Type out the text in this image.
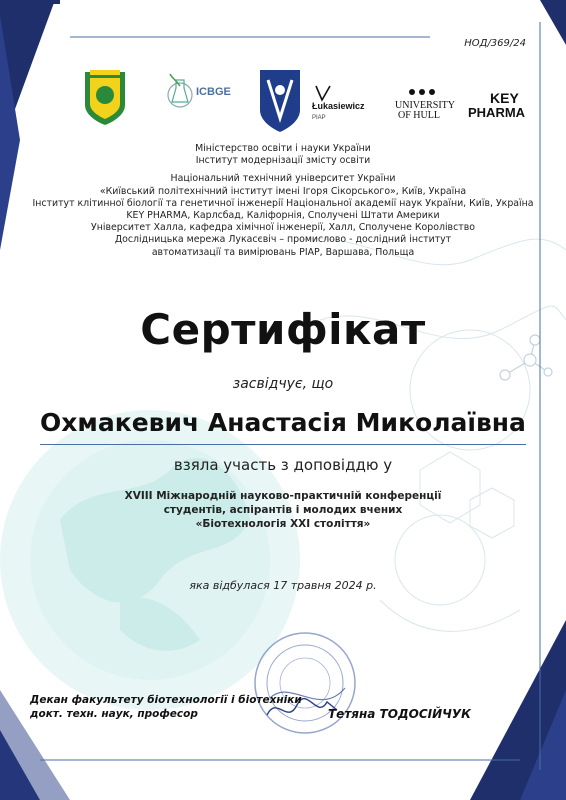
НОД/369/24
ICBGE
Łukasiewicz
PIAP
UNIVERSITY
OF HULL
KEY
PHARMA
Міністерство освіти і науки України
Інститут модернізації змісту освіти
Національний технічний університет України
«Київський політехнічний інститут імені Ігоря Сікорського», Київ, Україна
Інститут клітинної біології та генетичної інженерії Національної академії наук України, Київ, Україна
KEY PHARMA, Карлсбад, Каліфорнія, Сполучені Штати Америки
Університет Халла, кафедра хімічної інженерії, Халл, Сполучене Королівство
Дослідницька мережа Лукасєвіч – промислово - дослідний інститут
автоматизації та вимірювань PIAP, Варшава, Польща
Сертифікат
засвідчує, що
Охмакевич Анастасія Миколаївна
взяла участь з доповіддю у
XVIII Міжнародній науково-практичній конференції
студентів, аспірантів і молодих вчених
«Біотехнологія XXI століття»
яка відбулася 17 травня 2024 р.
Декан факультету біотехнології і біотехніки
докт. техн. наук, професор	Тетяна ТОДОСІЙЧУК
